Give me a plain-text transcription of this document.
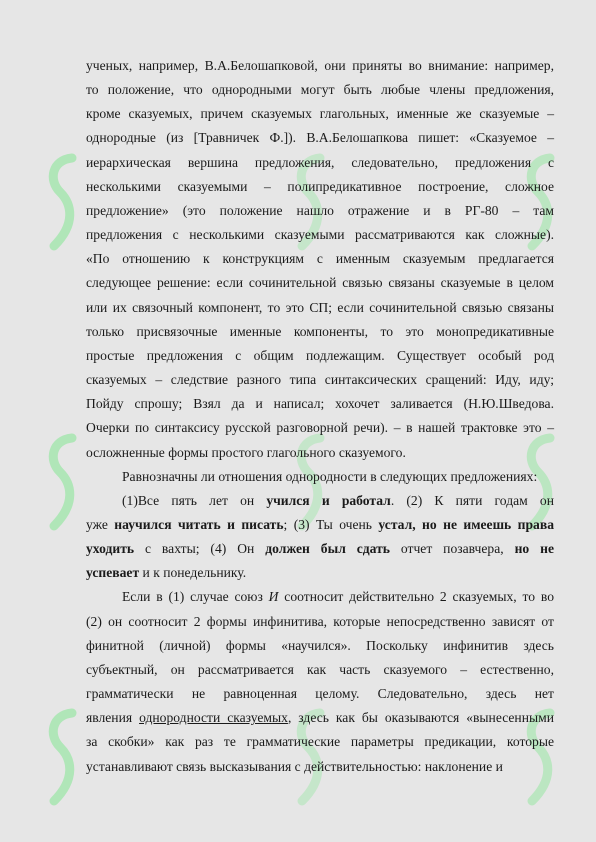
ученых, например, В.А.Белошапковой, они приняты во внимание: например,

то положение, что однородными могут быть любые члены предложения,

кроме сказуемых, причем сказуемых глагольных, именные же сказуемые –

однородные (из [Травничек Ф.]). В.А.Белошапкова пишет: «Сказуемое –

иерархическая вершина предложения, следовательно, предложения с

несколькими сказуемыми – полипредикативное построение, сложное

предложение» (это положение нашло отражение и в РГ-80 – там

предложения с несколькими сказуемыми рассматриваются как сложные).

«По отношению к конструкциям с именным сказуемым предлагается

следующее решение: если сочинительной связью связаны сказуемые в целом

или их связочный компонент, то это СП; если сочинительной связью связаны

только присвязочные именные компоненты, то это монопредикативные

простые предложения с общим подлежащим. Существует особый род

сказуемых – следствие разного типа синтаксических сращений: Иду, иду;

Пойду спрошу; Взял да и написал; хохочет заливается (Н.Ю.Шведова.

Очерки по синтаксису русской разговорной речи). – в нашей трактовке это –

осложненные формы простого глагольного сказуемого.

Равнозначны ли отношения однородности в следующих предложениях:

(1)Все пять лет он учился и работал. (2) К пяти годам он

уже научился читать и писать; (3) Ты очень устал, но не имеешь права

уходить с вахты; (4) Он должен был сдать отчет позавчера, но не

успевает и к понедельнику.

Если в (1) случае союз И соотносит действительно 2 сказуемых, то во

(2) он соотносит 2 формы инфинитива, которые непосредственно зависят от

финитной (личной) формы «научился». Поскольку инфинитив здесь

субъектный, он рассматривается как часть сказуемого – естественно,

грамматически не равноценная целому. Следовательно, здесь нет

явления однородности сказуемых, здесь как бы оказываются «вынесенными

за скобки» как раз те грамматические параметры предикации, которые

устанавливают связь высказывания с действительностью: наклонение и
